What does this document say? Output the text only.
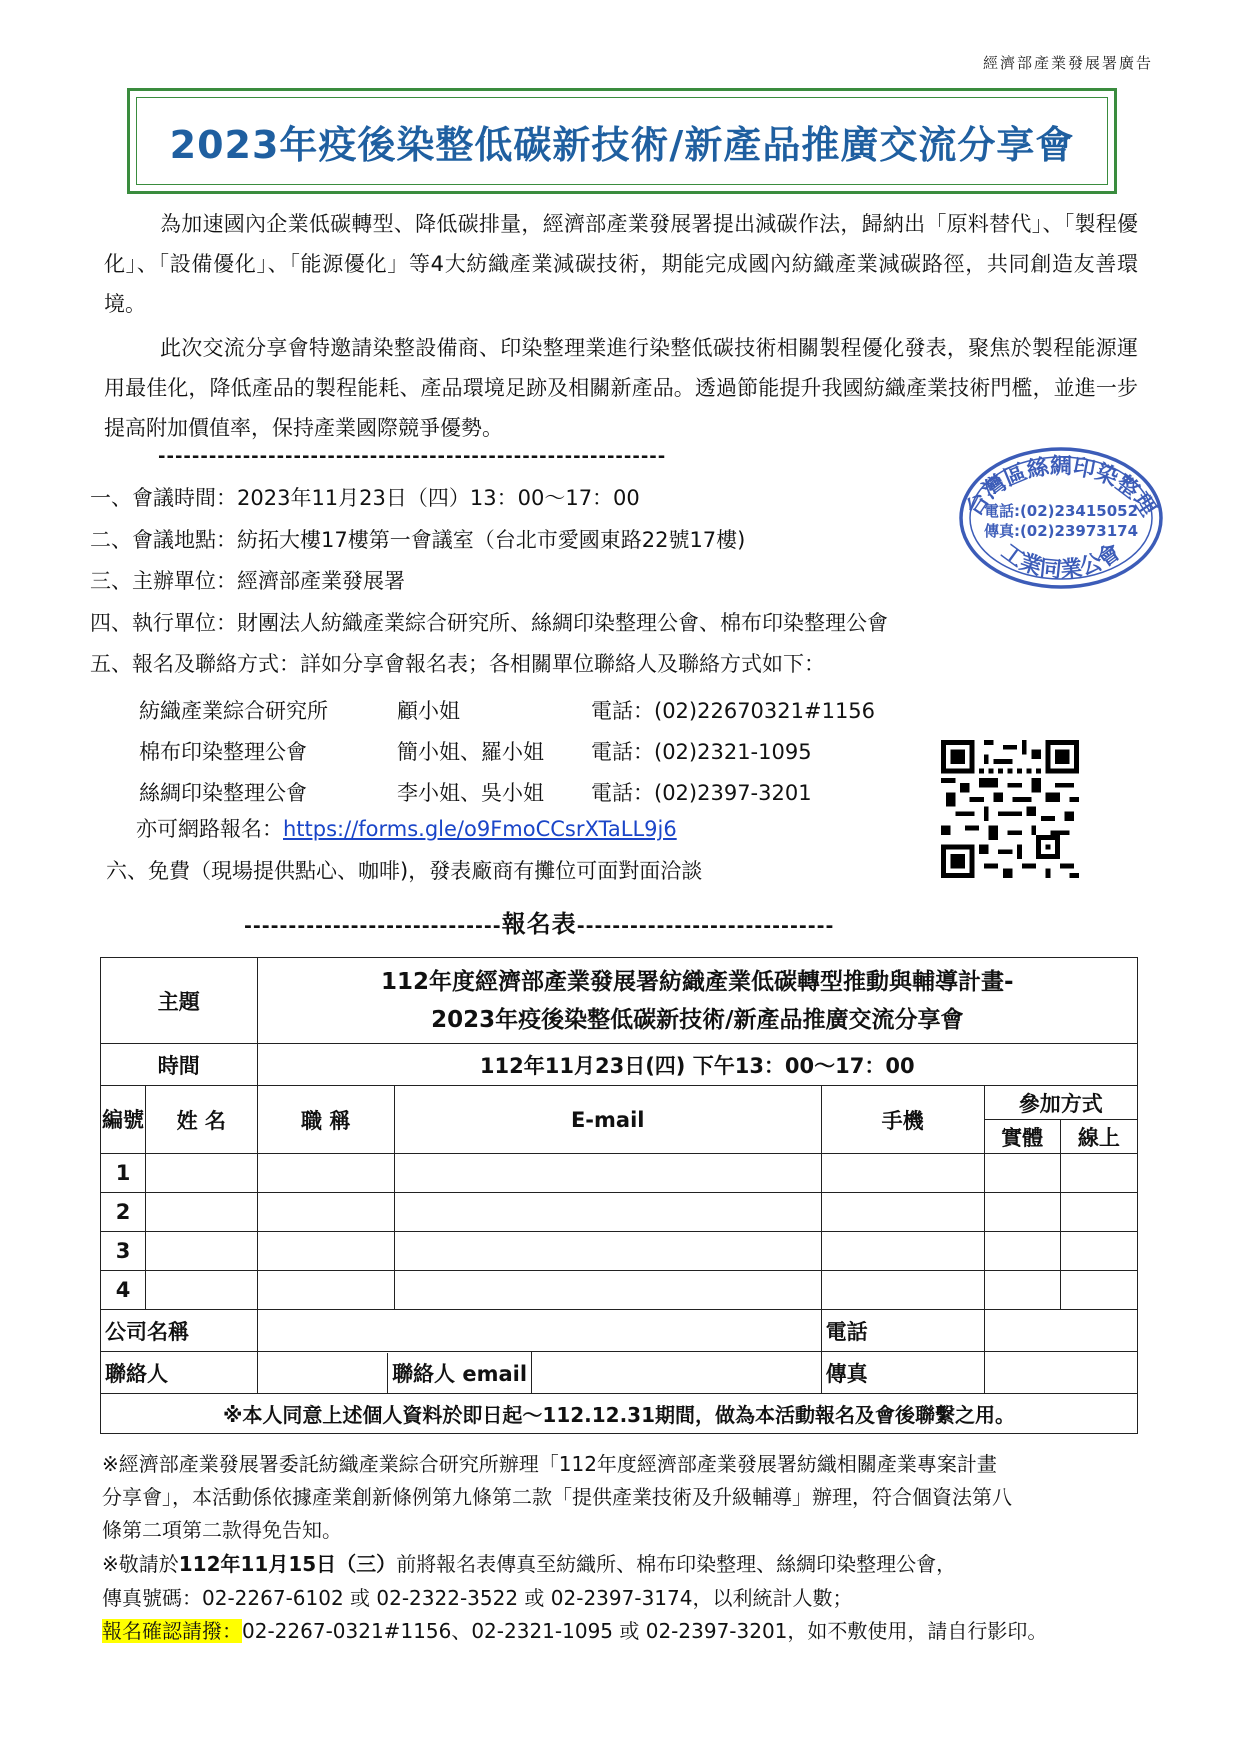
經濟部產業發展署廣告
2023年疫後染整低碳新技術/新產品推廣交流分享會

為加速國內企業低碳轉型、降低碳排量，經濟部產業發展署提出減碳作法，歸納出「原料替代」、「製程優化」、「設備優化」、「能源優化」等4大紡織產業減碳技術，期能完成國內紡織產業減碳路徑，共同創造友善環境。

此次交流分享會特邀請染整設備商、印染整理業進行染整低碳技術相關製程優化發表，聚焦於製程能源運用最佳化，降低產品的製程能耗、產品環境足跡及相關新產品。透過節能提升我國紡織產業技術門檻，並進一步提高附加價值率，保持產業國際競爭優勢。

------------------------------------------------------------
一、會議時間：2023年11月23日（四）13：00～17：00
二、會議地點：紡拓大樓17樓第一會議室（台北市愛國東路22號17樓)
三、主辦單位：經濟部產業發展署
四、執行單位：財團法人紡織產業綜合研究所、絲綢印染整理公會、棉布印染整理公會
五、報名及聯絡方式：詳如分享會報名表；各相關單位聯絡人及聯絡方式如下：
紡織產業綜合研究所	顧小姐	電話：(02)22670321#1156
棉布印染整理公會	簡小姐、羅小姐 電話：(02)2321-1095
絲綢印染整理公會	李小姐、吳小姐 電話：(02)2397-3201
亦可網路報名：https://forms.gle/o9FmoCCsrXTaLL9j6
六、免費（現場提供點心、咖啡)，發表廠商有攤位可面對面洽談
台灣區絲綢印染整理
工業同業公會
電話:(02)23415052
傳真:(02)23973174
-----------------------------報名表-----------------------------
主題		112年度經濟部產業發展署紡織產業低碳轉型推動與輔導計畫-
2023年疫後染整低碳新技術/新產品推廣交流分享會					

時間		112年11月23日(四) 下午13：00～17：00					
編號	姓 名	職 稱	E-mail		手機	參加方式	
						實體	線上
1							
2							
3							
4							
公司名稱					電話		
聯絡人		聯絡人 email			傳真		
※本人同意上述個人資料於即日起～112.12.31期間，做為本活動報名及會後聯繫之用。							
※經濟部產業發展署委託紡織產業綜合研究所辦理「112年度經濟部產業發展署紡織相關產業專案計畫
分享會」，本活動係依據產業創新條例第九條第二款「提供產業技術及升級輔導」辦理，符合個資法第八
條第二項第二款得免告知。
※敬請於112年11月15日（三）前將報名表傳真至紡織所、棉布印染整理、絲綢印染整理公會，
傳真號碼：02-2267-6102 或 02-2322-3522 或 02-2397-3174，以利統計人數；
報名確認請撥：02-2267-0321#1156、02-2321-1095 或 02-2397-3201，如不敷使用，請自行影印。
